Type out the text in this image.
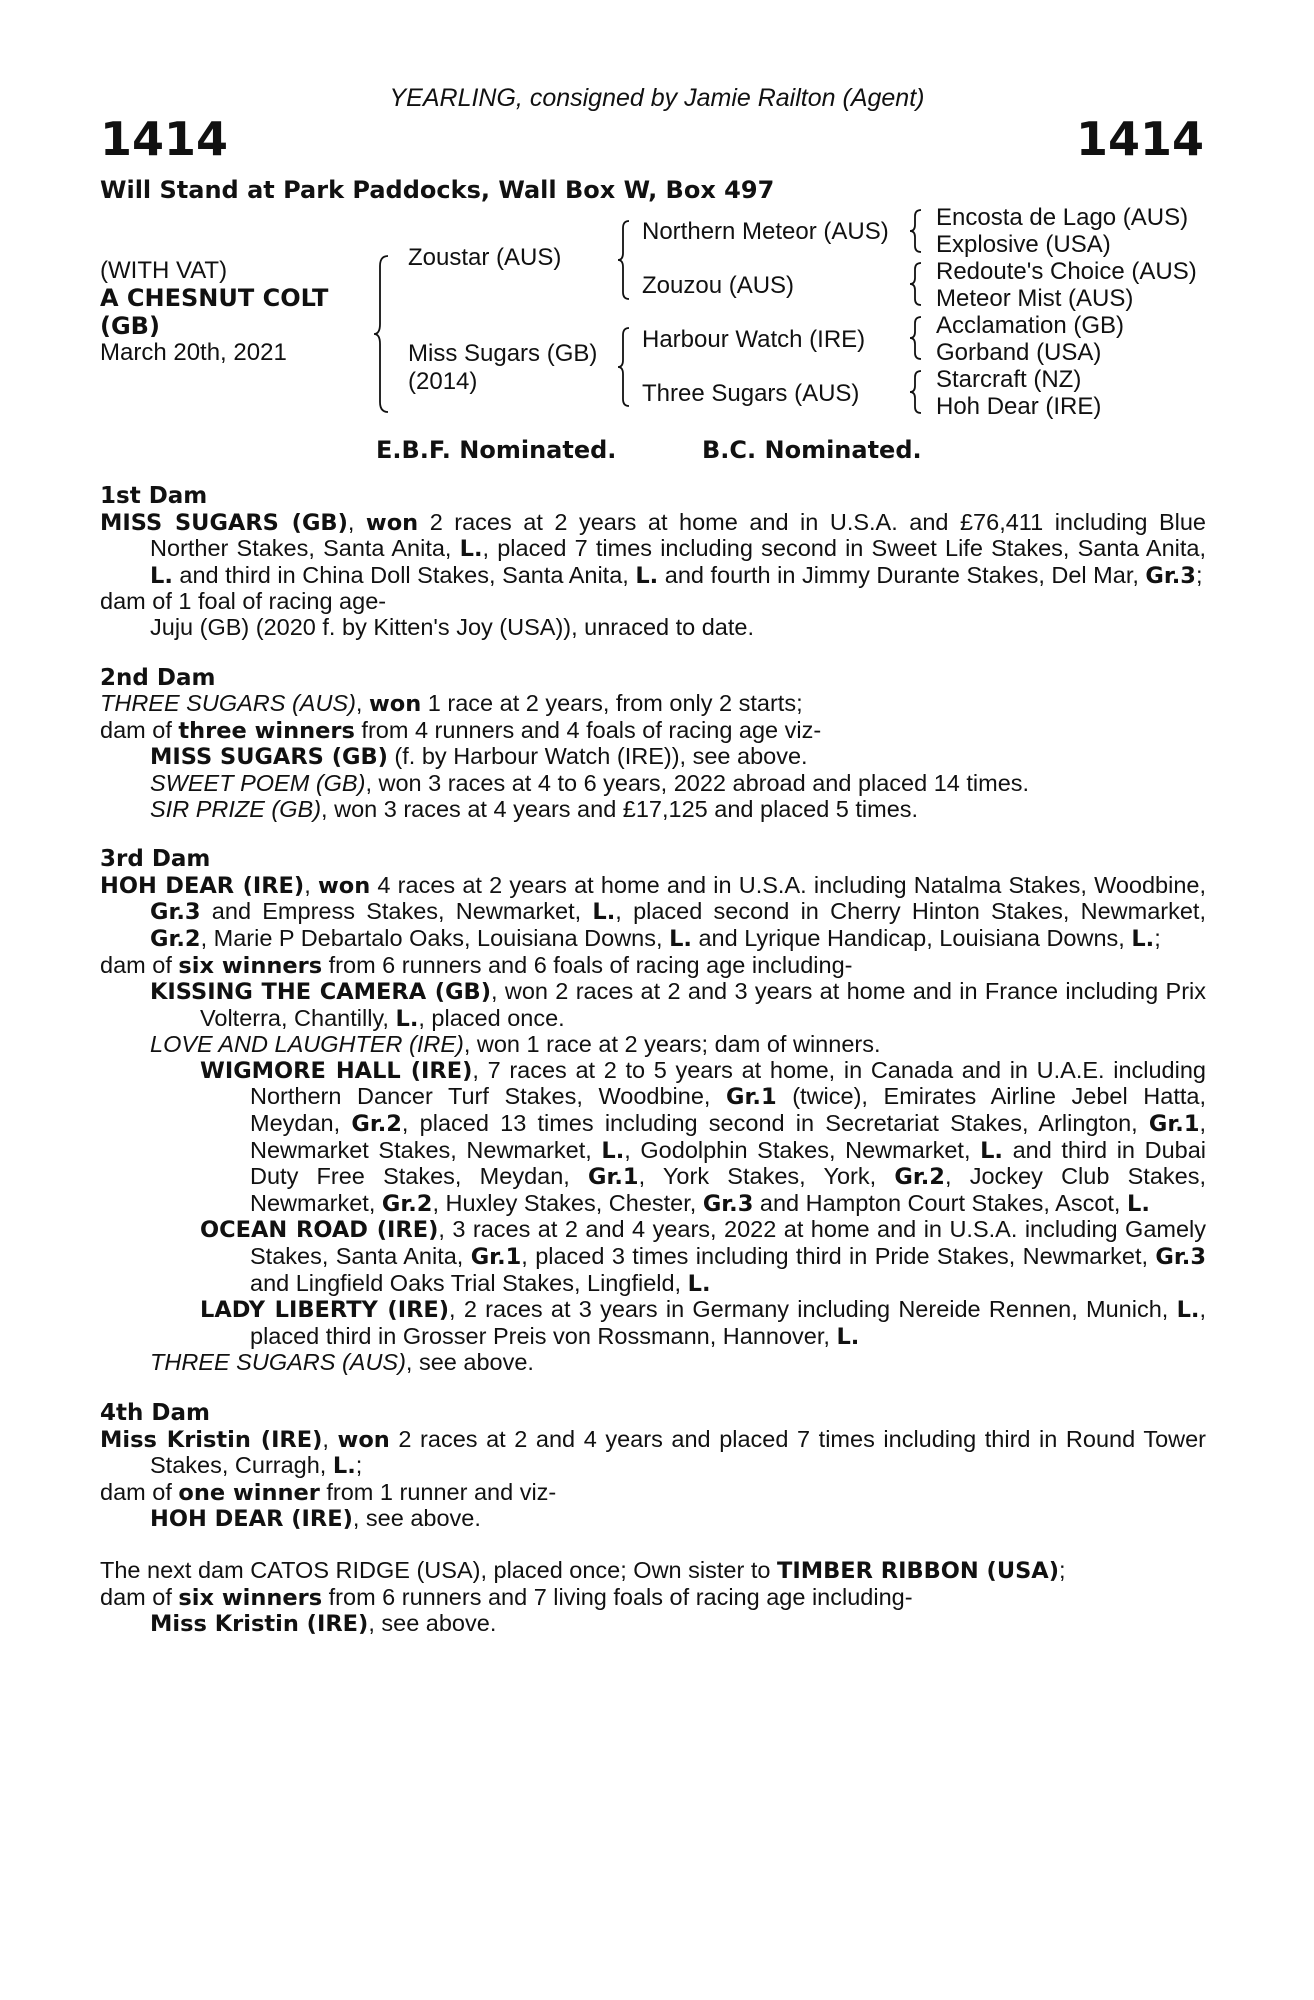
YEARLING, consigned by Jamie Railton (Agent)
1414	1414
Will Stand at Park Paddocks, Wall Box W, Box 497
(WITH VAT)
A CHESNUT COLT
(GB)
March 20th, 2021
Zoustar (AUS)
Miss Sugars (GB)
(2014)
Northern Meteor (AUS)
Zouzou (AUS)
Harbour Watch (IRE)
Three Sugars (AUS)
Encosta de Lago (AUS)
Explosive (USA)
Redoute's Choice (AUS)
Meteor Mist (AUS)
Acclamation (GB)
Gorband (USA)
Starcraft (NZ)
Hoh Dear (IRE)
E.B.F. Nominated.	B.C. Nominated.
1st Dam
MISS SUGARS (GB), won 2 races at 2 years at home and in U.S.A. and £76,411 including Blue Norther Stakes, Santa Anita, L., placed 7 times including second in Sweet Life Stakes, Santa Anita, L. and third in China Doll Stakes, Santa Anita, L. and fourth in Jimmy Durante Stakes, Del Mar, Gr.3;
dam of 1 foal of racing age-
Juju (GB) (2020 f. by Kitten's Joy (USA)), unraced to date.
2nd Dam
THREE SUGARS (AUS), won 1 race at 2 years, from only 2 starts;
dam of three winners from 4 runners and 4 foals of racing age viz-
MISS SUGARS (GB) (f. by Harbour Watch (IRE)), see above.
SWEET POEM (GB), won 3 races at 4 to 6 years, 2022 abroad and placed 14 times.
SIR PRIZE (GB), won 3 races at 4 years and £17,125 and placed 5 times.
3rd Dam
HOH DEAR (IRE), won 4 races at 2 years at home and in U.S.A. including Natalma Stakes, Woodbine, Gr.3 and Empress Stakes, Newmarket, L., placed second in Cherry Hinton Stakes, Newmarket, Gr.2, Marie P Debartalo Oaks, Louisiana Downs, L. and Lyrique Handicap, Louisiana Downs, L.;
dam of six winners from 6 runners and 6 foals of racing age including-
KISSING THE CAMERA (GB), won 2 races at 2 and 3 years at home and in France including Prix Volterra, Chantilly, L., placed once.
LOVE AND LAUGHTER (IRE), won 1 race at 2 years; dam of winners.
WIGMORE HALL (IRE), 7 races at 2 to 5 years at home, in Canada and in U.A.E. including Northern Dancer Turf Stakes, Woodbine, Gr.1 (twice), Emirates Airline Jebel Hatta, Meydan, Gr.2, placed 13 times including second in Secretariat Stakes, Arlington, Gr.1, Newmarket Stakes, Newmarket, L., Godolphin Stakes, Newmarket, L. and third in Dubai Duty Free Stakes, Meydan, Gr.1, York Stakes, York, Gr.2, Jockey Club Stakes, Newmarket, Gr.2, Huxley Stakes, Chester, Gr.3 and Hampton Court Stakes, Ascot, L.
OCEAN ROAD (IRE), 3 races at 2 and 4 years, 2022 at home and in U.S.A. including Gamely Stakes, Santa Anita, Gr.1, placed 3 times including third in Pride Stakes, Newmarket, Gr.3 and Lingfield Oaks Trial Stakes, Lingfield, L.
LADY LIBERTY (IRE), 2 races at 3 years in Germany including Nereide Rennen, Munich, L., placed third in Grosser Preis von Rossmann, Hannover, L.
THREE SUGARS (AUS), see above.
4th Dam
Miss Kristin (IRE), won 2 races at 2 and 4 years and placed 7 times including third in Round Tower Stakes, Curragh, L.;
dam of one winner from 1 runner and viz-
HOH DEAR (IRE), see above.
The next dam CATOS RIDGE (USA), placed once; Own sister to TIMBER RIBBON (USA);
dam of six winners from 6 runners and 7 living foals of racing age including-
Miss Kristin (IRE), see above.
